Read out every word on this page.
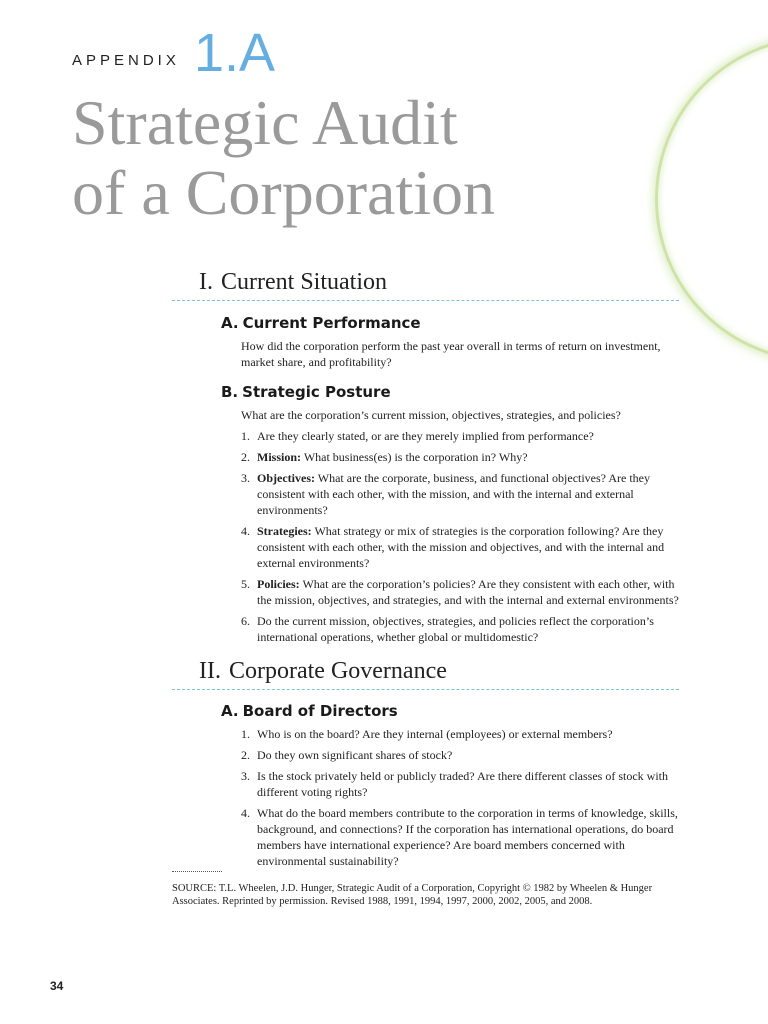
APPENDIX 1.A
Strategic Audit
of a Corporation
I. Current Situation
A. Current Performance

How did the corporation perform the past year overall in terms of return on investment, market share, and profitability?

B. Strategic Posture

What are the corporation’s current mission, objectives, strategies, and policies?

1. Are they clearly stated, or are they merely implied from performance?
2. Mission: What business(es) is the corporation in? Why?
3. Objectives: What are the corporate, business, and functional objectives? Are they consistent with each other, with the mission, and with the internal and external environments?
4. Strategies: What strategy or mix of strategies is the corporation following? Are they consistent with each other, with the mission and objectives, and with the internal and external environments?
5. Policies: What are the corporation’s policies? Are they consistent with each other, with the mission, objectives, and strategies, and with the internal and external environments?
6. Do the current mission, objectives, strategies, and policies reflect the corporation’s international operations, whether global or multidomestic?
II. Corporate Governance
A. Board of Directors
1. Who is on the board? Are they internal (employees) or external members?
2. Do they own significant shares of stock?
3. Is the stock privately held or publicly traded? Are there different classes of stock with different voting rights?
4. What do the board members contribute to the corporation in terms of knowledge, skills, background, and connections? If the corporation has international operations, do board members have international experience? Are board members concerned with environmental sustainability?

SOURCE: T.L. Wheelen, J.D. Hunger, Strategic Audit of a Corporation, Copyright © 1982 by Wheelen & Hunger Associates. Reprinted by permission. Revised 1988, 1991, 1994, 1997, 2000, 2002, 2005, and 2008.

34
